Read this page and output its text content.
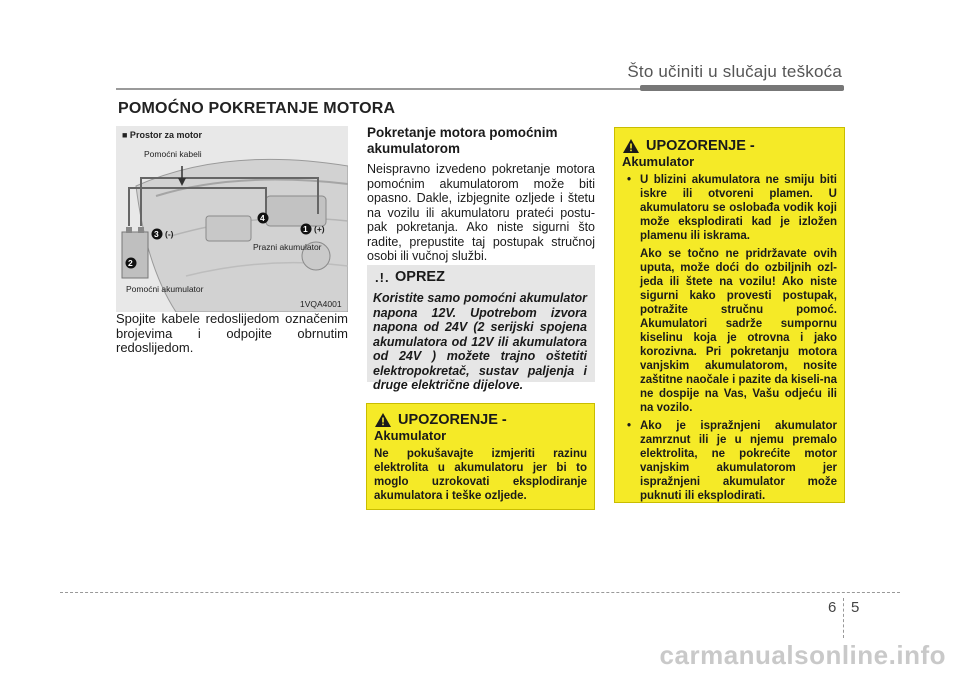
Što učiniti u slučaju teškoća
POMOĆNO POKRETANJE MOTORA
■ Prostor za motor
Pomoćni kabeli
Prazni akumulator
Pomoćni akumulator
1VQA4001
1
2
3
4
(+)
(-)
Spojite kabele redoslijedom označenim brojevima i odpojite obrnutim redoslijedom.
Pokretanje motora pomoćnim akumulatorom

Neispravno izvedeno pokretanje motora pomoćnim akumulatorom može biti opasno. Dakle, izbjegnite ozljede i štetu na vozilu ili akumulatoru prateći postu-pak pokretanja. Ako niste sigurni što radite, prepustite taj postupak stručnoj osobi ili vučnoj službi.

.!. OPREZ
Koristite samo pomoćni akumulator napona 12V. Upotrebom izvora napona od 24V (2 serijski spojena akumulatora od 12V ili akumulatora od 24V ) možete trajno oštetiti elektropokretač, sustav paljenja i druge električne dijelove.
UPOZORENJE -
Akumulator
Ne pokušavajte izmjeriti razinu elektrolita u akumulatoru jer bi to moglo uzrokovati eksplodiranje akumulatora i teške ozljede.
UPOZORENJE -
Akumulator
• U blizini akumulatora ne smiju biti iskre ili otvoreni plamen. U akumulatoru se oslobađa vodik koji može eksplodirati kad je izložen plamenu ili iskrama.
Ako se točno ne pridržavate ovih uputa, može doći do ozbiljnih ozl-jeda ili štete na vozilu! Ako niste sigurni kako provesti postupak, potražite stručnu pomoć. Akumulatori sadrže sumpornu kiselinu koja je otrovna i jako korozivna. Pri pokretanju motora vanjskim akumulatorom, nosite zaštitne naočale i pazite da kiseli-na ne dospije na Vas, Vašu odjeću ili na vozilo.
• Ako je ispražnjeni akumulator zamrznut ili je u njemu premalo elektrolita, ne pokrećite motor vanjskim akumulatorom jer ispražnjeni akumulator može puknuti ili eksplodirati.
6 5
carmanualsonline.info
